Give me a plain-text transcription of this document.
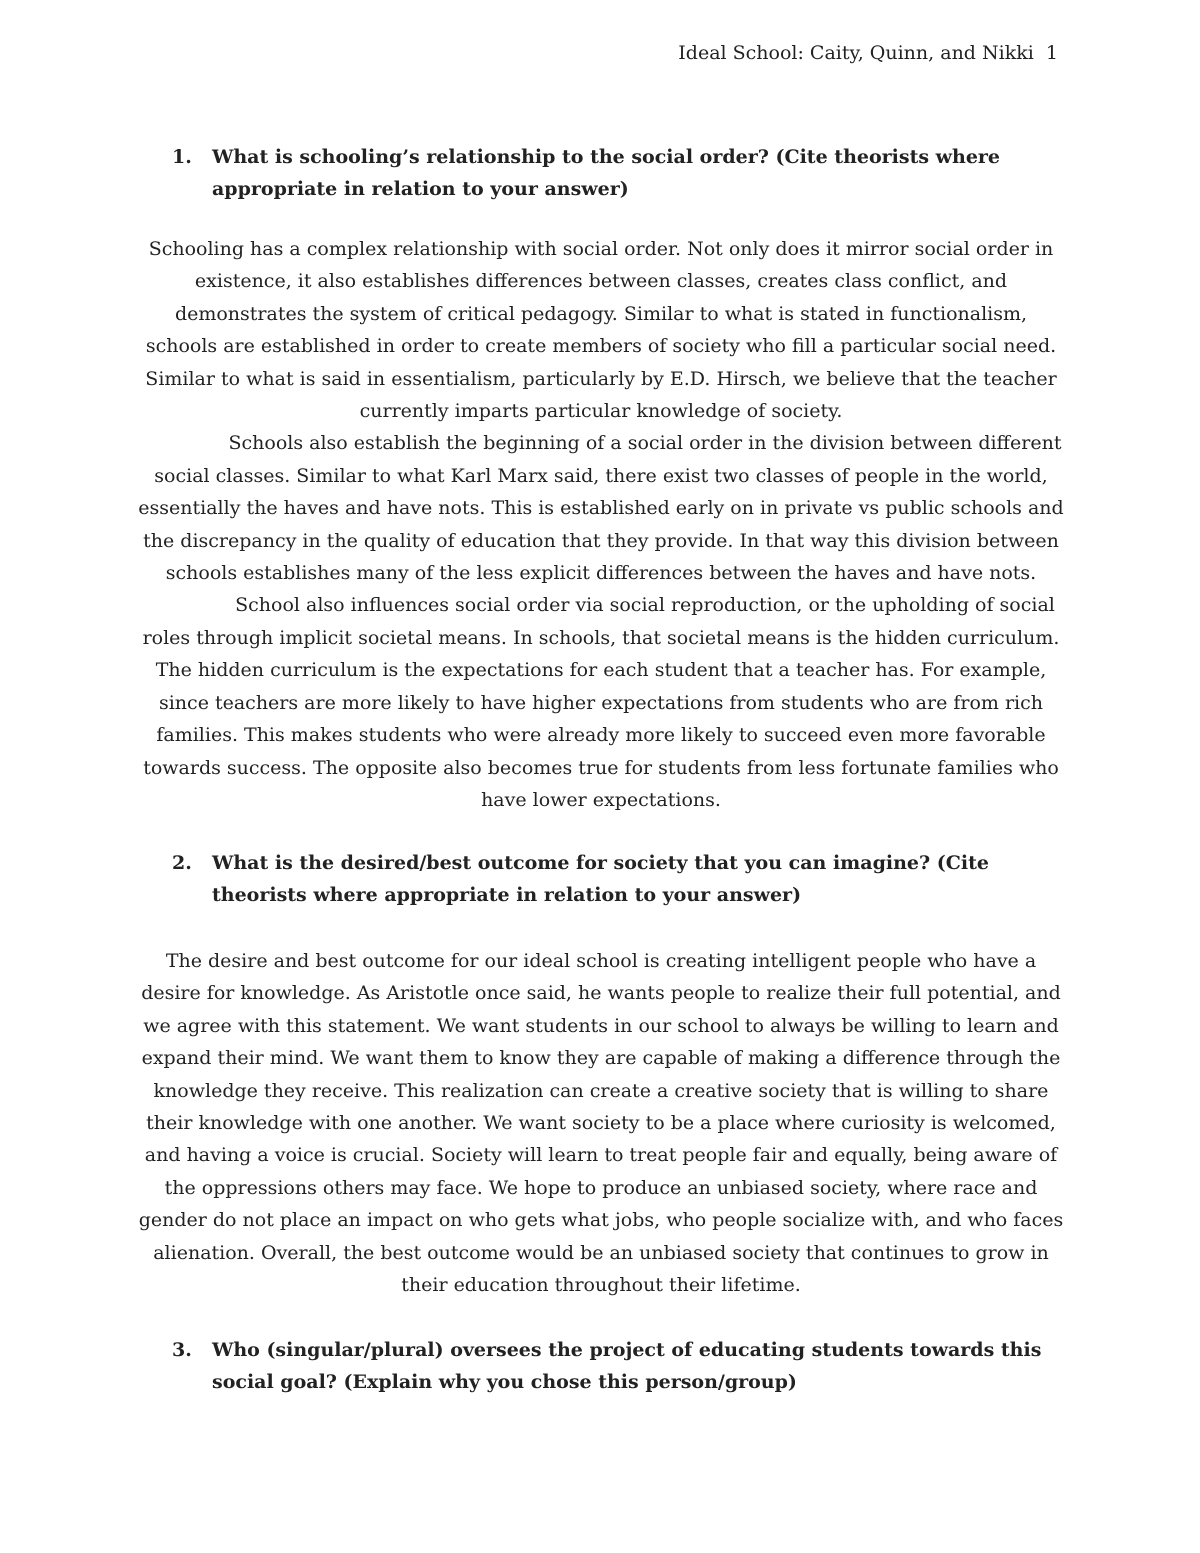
Ideal School: Caity, Quinn, and Nikki 1
1. What is schooling’s relationship to the social order? (Cite theorists where appropriate in relation to your answer)

Schooling has a complex relationship with social order. Not only does it mirror social order in existence, it also establishes differences between classes, creates class conflict, and demonstrates the system of critical pedagogy. Similar to what is stated in functionalism, schools are established in order to create members of society who fill a particular social need. Similar to what is said in essentialism, particularly by E.D. Hirsch, we believe that the teacher currently imparts particular knowledge of society.

Schools also establish the beginning of a social order in the division between different social classes. Similar to what Karl Marx said, there exist two classes of people in the world, essentially the haves and have nots. This is established early on in private vs public schools and the discrepancy in the quality of education that they provide. In that way this division between schools establishes many of the less explicit differences between the haves and have nots.

School also influences social order via social reproduction, or the upholding of social roles through implicit societal means. In schools, that societal means is the hidden curriculum. The hidden curriculum is the expectations for each student that a teacher has. For example, since teachers are more likely to have higher expectations from students who are from rich families. This makes students who were already more likely to succeed even more favorable towards success. The opposite also becomes true for students from less fortunate families who have lower expectations.

2. What is the desired/best outcome for society that you can imagine? (Cite theorists where appropriate in relation to your answer)

The desire and best outcome for our ideal school is creating intelligent people who have a desire for knowledge. As Aristotle once said, he wants people to realize their full potential, and we agree with this statement. We want students in our school to always be willing to learn and expand their mind. We want them to know they are capable of making a difference through the knowledge they receive. This realization can create a creative society that is willing to share their knowledge with one another. We want society to be a place where curiosity is welcomed, and having a voice is crucial. Society will learn to treat people fair and equally, being aware of the oppressions others may face. We hope to produce an unbiased society, where race and gender do not place an impact on who gets what jobs, who people socialize with, and who faces alienation. Overall, the best outcome would be an unbiased society that continues to grow in their education throughout their lifetime.

3. Who (singular/plural) oversees the project of educating students towards this social goal? (Explain why you chose this person/group)
